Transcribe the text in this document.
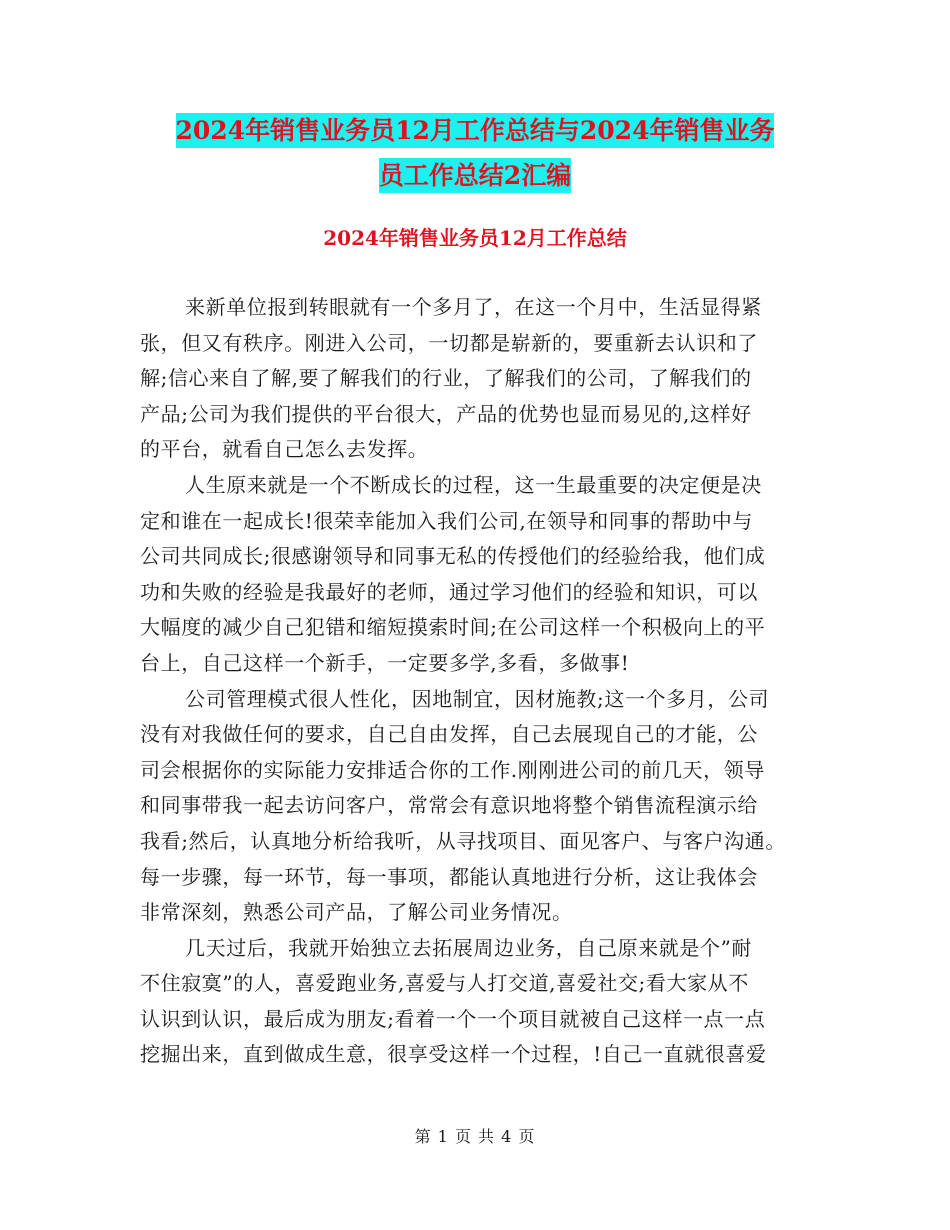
2024年销售业务员12月工作总结与2024年销售业务
员工作总结2汇编
2024年销售业务员12月工作总结
来新单位报到转眼就有一个多月了，在这一个月中，生活显得紧
张，但又有秩序。刚进入公司，一切都是崭新的，要重新去认识和了
解;信心来自了解,要了解我们的行业，了解我们的公司，了解我们的
产品;公司为我们提供的平台很大，产品的优势也显而易见的,这样好
的平台，就看自己怎么去发挥。
人生原来就是一个不断成长的过程，这一生最重要的决定便是决
定和谁在一起成长!很荣幸能加入我们公司,在领导和同事的帮助中与
公司共同成长;很感谢领导和同事无私的传授他们的经验给我，他们成
功和失败的经验是我最好的老师，通过学习他们的经验和知识，可以
大幅度的减少自己犯错和缩短摸索时间;在公司这样一个积极向上的平
台上，自己这样一个新手，一定要多学,多看，多做事!
公司管理模式很人性化，因地制宜，因材施教;这一个多月，公司
没有对我做任何的要求，自己自由发挥，自己去展现自己的才能，公
司会根据你的实际能力安排适合你的工作.刚刚进公司的前几天，领导
和同事带我一起去访问客户，常常会有意识地将整个销售流程演示给
我看;然后，认真地分析给我听，从寻找项目、面见客户、与客户沟通。
每一步骤，每一环节，每一事项，都能认真地进行分析，这让我体会
非常深刻，熟悉公司产品，了解公司业务情况。
几天过后，我就开始独立去拓展周边业务，自己原来就是个”耐
不住寂寞”的人，喜爱跑业务,喜爱与人打交道,喜爱社交;看大家从不
认识到认识，最后成为朋友;看着一个一个项目就被自己这样一点一点
挖掘出来，直到做成生意，很享受这样一个过程，!自己一直就很喜爱
第 1 页 共 4 页
